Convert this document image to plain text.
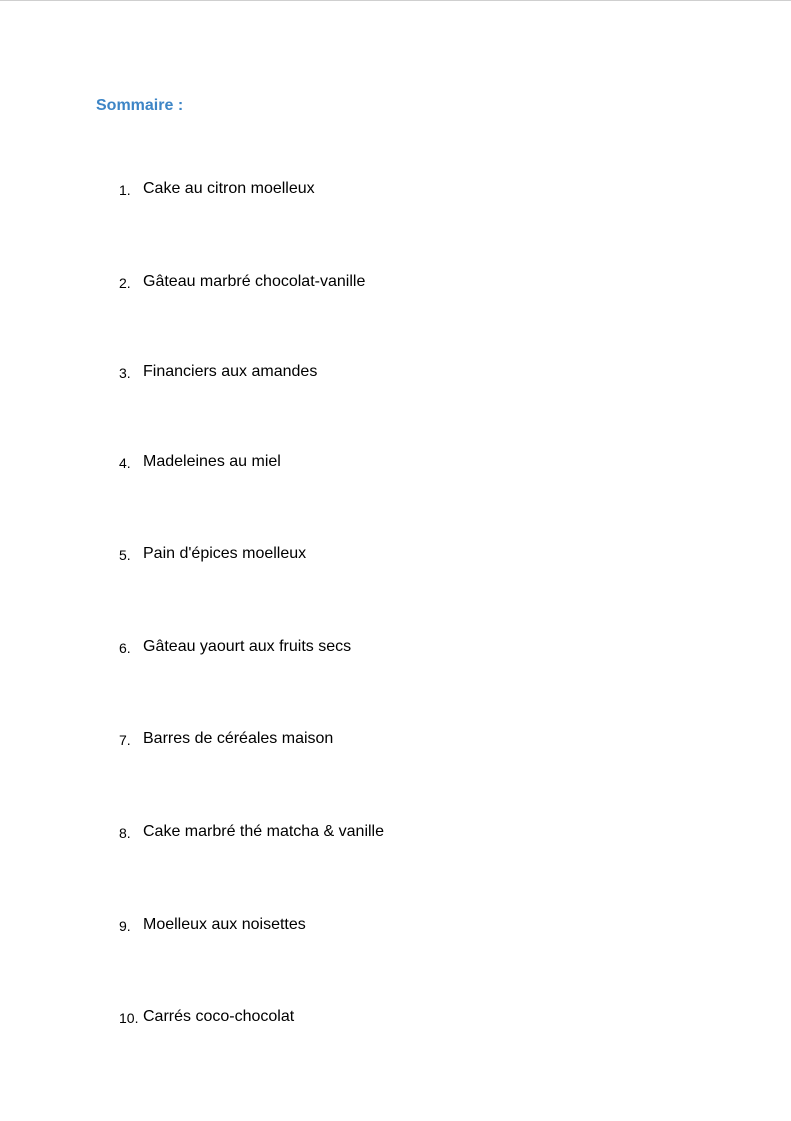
Sommaire :
1. Cake au citron moelleux
2. Gâteau marbré chocolat-vanille
3. Financiers aux amandes
4. Madeleines au miel
5. Pain d'épices moelleux
6. Gâteau yaourt aux fruits secs
7. Barres de céréales maison
8. Cake marbré thé matcha & vanille
9. Moelleux aux noisettes
10. Carrés coco-chocolat
